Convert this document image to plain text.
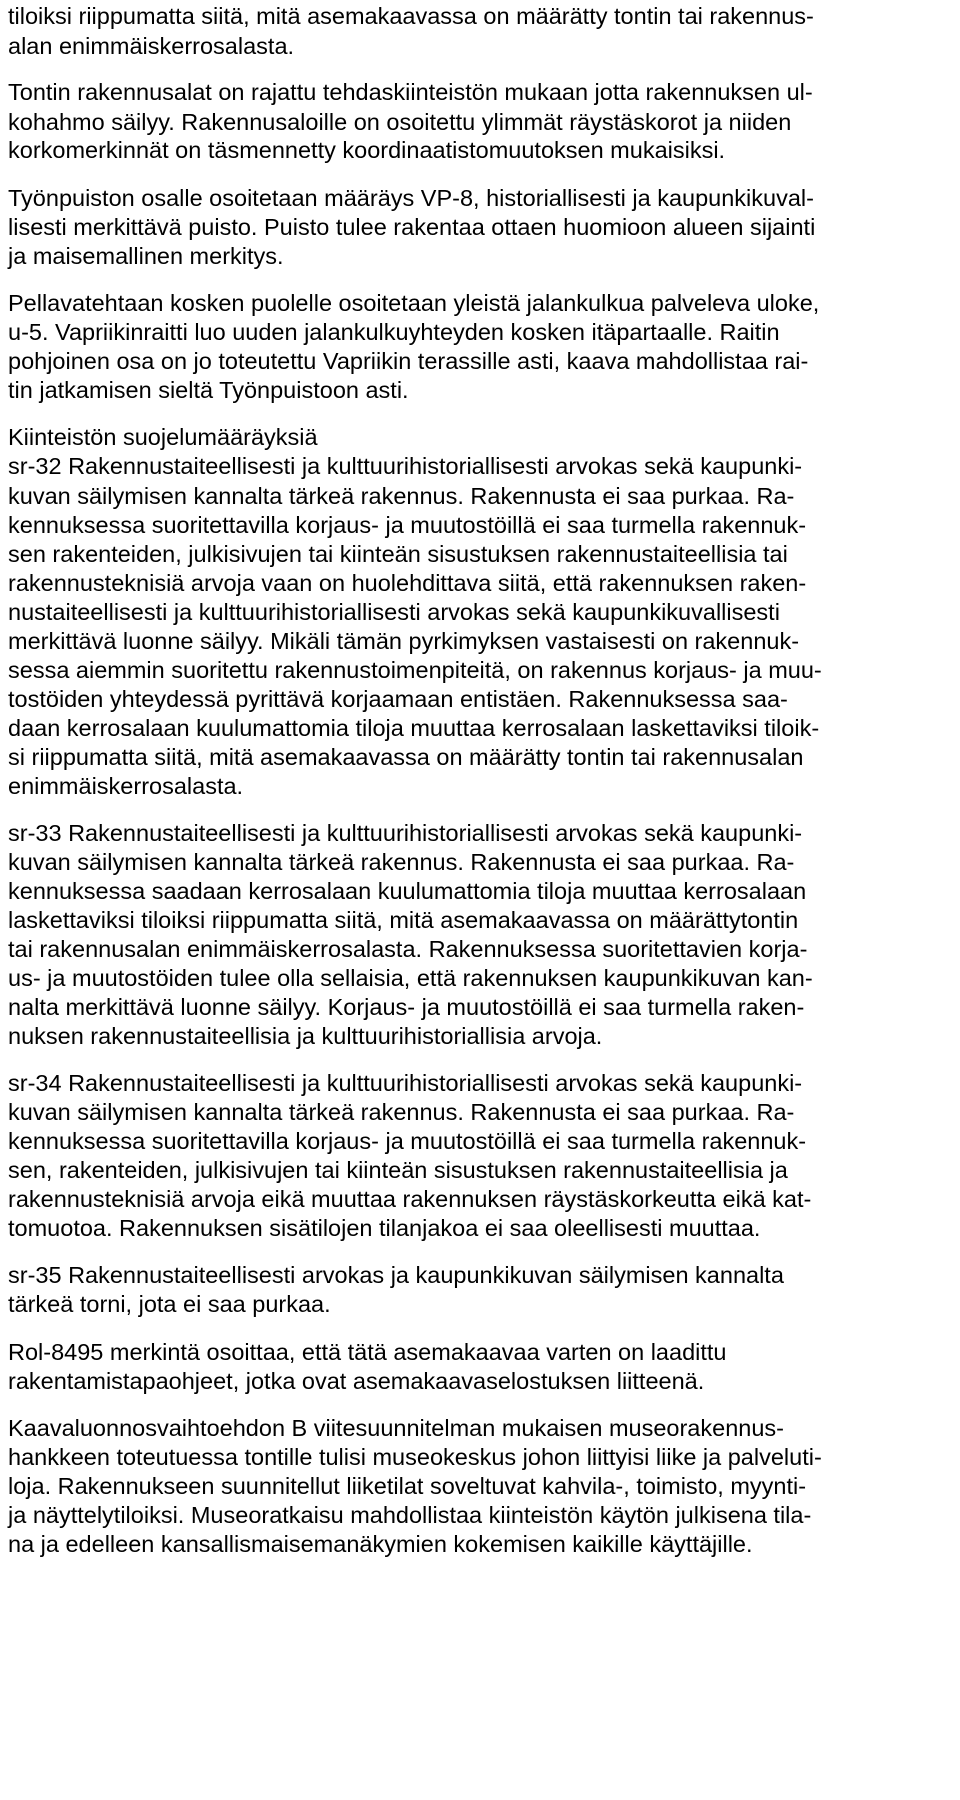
tiloiksi riippumatta siitä, mitä asemakaavassa on määrätty tontin tai rakennus-
alan enimmäiskerrosalasta.
Tontin rakennusalat on rajattu tehdaskiinteistön mukaan jotta rakennuksen ul-
kohahmo säilyy. Rakennusaloille on osoitettu ylimmät räystäskorot ja niiden
korkomerkinnät on täsmennetty koordinaatistomuutoksen mukaisiksi.
Työnpuiston osalle osoitetaan määräys VP-8, historiallisesti ja kaupunkikuval-
lisesti merkittävä puisto. Puisto tulee rakentaa ottaen huomioon alueen sijainti
ja maisemallinen merkitys.
Pellavatehtaan kosken puolelle osoitetaan yleistä jalankulkua palveleva uloke,
u-5. Vapriikinraitti luo uuden jalankulkuyhteyden kosken itäpartaalle. Raitin
pohjoinen osa on jo toteutettu Vapriikin terassille asti, kaava mahdollistaa rai-
tin jatkamisen sieltä Työnpuistoon asti.
Kiinteistön suojelumääräyksiä
sr-32 Rakennustaiteellisesti ja kulttuurihistoriallisesti arvokas sekä kaupunki-
kuvan säilymisen kannalta tärkeä rakennus. Rakennusta ei saa purkaa. Ra-
kennuksessa suoritettavilla korjaus- ja muutostöillä ei saa turmella rakennuk-
sen rakenteiden, julkisivujen tai kiinteän sisustuksen rakennustaiteellisia tai
rakennusteknisiä arvoja vaan on huolehdittava siitä, että rakennuksen raken-
nustaiteellisesti ja kulttuurihistoriallisesti arvokas sekä kaupunkikuvallisesti
merkittävä luonne säilyy. Mikäli tämän pyrkimyksen vastaisesti on rakennuk-
sessa aiemmin suoritettu rakennustoimenpiteitä, on rakennus korjaus- ja muu-
tostöiden yhteydessä pyrittävä korjaamaan entistäen. Rakennuksessa saa-
daan kerrosalaan kuulumattomia tiloja muuttaa kerrosalaan laskettaviksi tiloik-
si riippumatta siitä, mitä asemakaavassa on määrätty tontin tai rakennusalan
enimmäiskerrosalasta.
sr-33 Rakennustaiteellisesti ja kulttuurihistoriallisesti arvokas sekä kaupunki-
kuvan säilymisen kannalta tärkeä rakennus. Rakennusta ei saa purkaa. Ra-
kennuksessa saadaan kerrosalaan kuulumattomia tiloja muuttaa kerrosalaan
laskettaviksi tiloiksi riippumatta siitä, mitä asemakaavassa on määrättytontin
tai rakennusalan enimmäiskerrosalasta. Rakennuksessa suoritettavien korja-
us- ja muutostöiden tulee olla sellaisia, että rakennuksen kaupunkikuvan kan-
nalta merkittävä luonne säilyy. Korjaus- ja muutostöillä ei saa turmella raken-
nuksen rakennustaiteellisia ja kulttuurihistoriallisia arvoja.
sr-34 Rakennustaiteellisesti ja kulttuurihistoriallisesti arvokas sekä kaupunki-
kuvan säilymisen kannalta tärkeä rakennus. Rakennusta ei saa purkaa. Ra-
kennuksessa suoritettavilla korjaus- ja muutostöillä ei saa turmella rakennuk-
sen, rakenteiden, julkisivujen tai kiinteän sisustuksen rakennustaiteellisia ja
rakennusteknisiä arvoja eikä muuttaa rakennuksen räystäskorkeutta eikä kat-
tomuotoa. Rakennuksen sisätilojen tilanjakoa ei saa oleellisesti muuttaa.
sr-35 Rakennustaiteellisesti arvokas ja kaupunkikuvan säilymisen kannalta
tärkeä torni, jota ei saa purkaa.
Rol-8495 merkintä osoittaa, että tätä asemakaavaa varten on laadittu
rakentamistapaohjeet, jotka ovat asemakaavaselostuksen liitteenä.
Kaavaluonnosvaihtoehdon B viitesuunnitelman mukaisen museorakennus-
hankkeen toteutuessa tontille tulisi museokeskus johon liittyisi liike ja palveluti-
loja. Rakennukseen suunnitellut liiketilat soveltuvat kahvila-, toimisto, myynti-
ja näyttelytiloiksi. Museoratkaisu mahdollistaa kiinteistön käytön julkisena tila-
na ja edelleen kansallismaisemanäkymien kokemisen kaikille käyttäjille.
